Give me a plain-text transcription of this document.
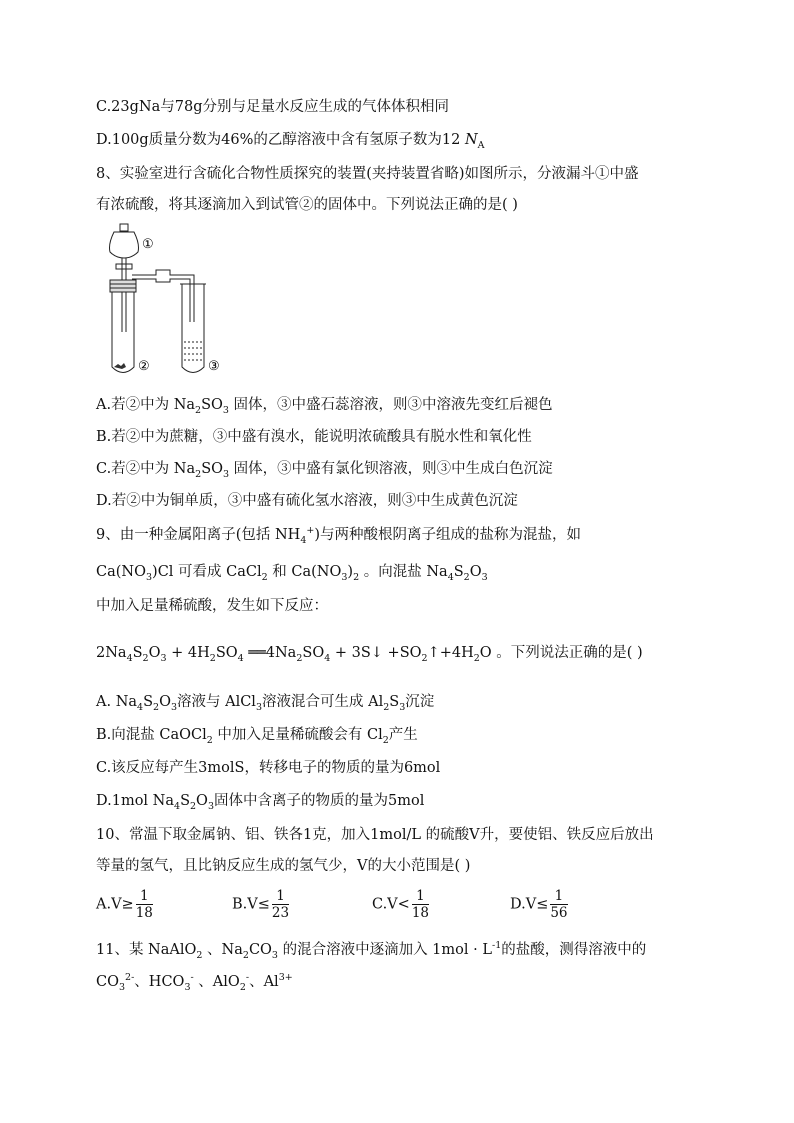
C.23gNa与78g分别与足量水反应生成的气体体积相同
D.100g质量分数为46%的乙醇溶液中含有氢原子数为12 $N_A$
8、实验室进行含硫化合物性质探究的装置(夹持装置省略)如图所示，分液漏斗①中盛
有浓硫酸，将其逐滴加入到试管②的固体中。下列说法正确的是( )
①
②	③
A.若②中为 $Na_2SO_3$ 固体，③中盛石蕊溶液，则③中溶液先变红后褪色
B.若②中为蔗糖，③中盛有溴水，能说明浓硫酸具有脱水性和氧化性
C.若②中为 $Na_2SO_3$ 固体，③中盛有氯化钡溶液，则③中生成白色沉淀
D.若②中为铜单质，③中盛有硫化氢水溶液，则③中生成黄色沉淀
9、由一种金属阳离子(包括 $NH_4^+$)与两种酸根阴离子组成的盐称为混盐，如
$Ca(NO_3)Cl$ 可看成 CaCl$_2$ 和 $Ca(NO_3)_2$ 。向混盐 $Na_4S_2O_3$
中加入足量稀硫酸，发生如下反应：
$2Na_4S_2O_3 + 4H_2SO_4$ $══4Na_2SO_4$ + 3S↓ $+SO_2↑+4H_2O$ 。下列说法正确的是( )
A. $Na_4S_2O_3$溶液与 AlCl$_3$溶液混合可生成 $Al_2S_3$沉淀
B.向混盐 CaOCl$_2$ 中加入足量稀硫酸会有 $Cl_2$产生
C.该反应每产生3molS，转移电子的物质的量为6mol
D.1mol $Na_4S_2O_3$固体中含离子的物质的量为5mol
10、常温下取金属钠、铝、铁各1克，加入1mol/L 的硫酸V升，要使铝、铁反应后放出
等量的氢气，且比钠反应生成的氢气少，V的大小范围是( )
$A.V\ge \frac{1}{18}$	$B.V\le \frac{1}{23}$	$C.V< \frac{1}{18}$	$D.V\le \frac{1}{56}$
11、某 NaAlO$_2$ 、$Na_2CO_3$ 的混合溶液中逐滴加入 $1mol \cdot L^{-1}$的盐酸，测得溶液中的
$CO_3^{2-}$、$HCO_3^-$ 、AlO$_2$-、$Al^{3+}$
